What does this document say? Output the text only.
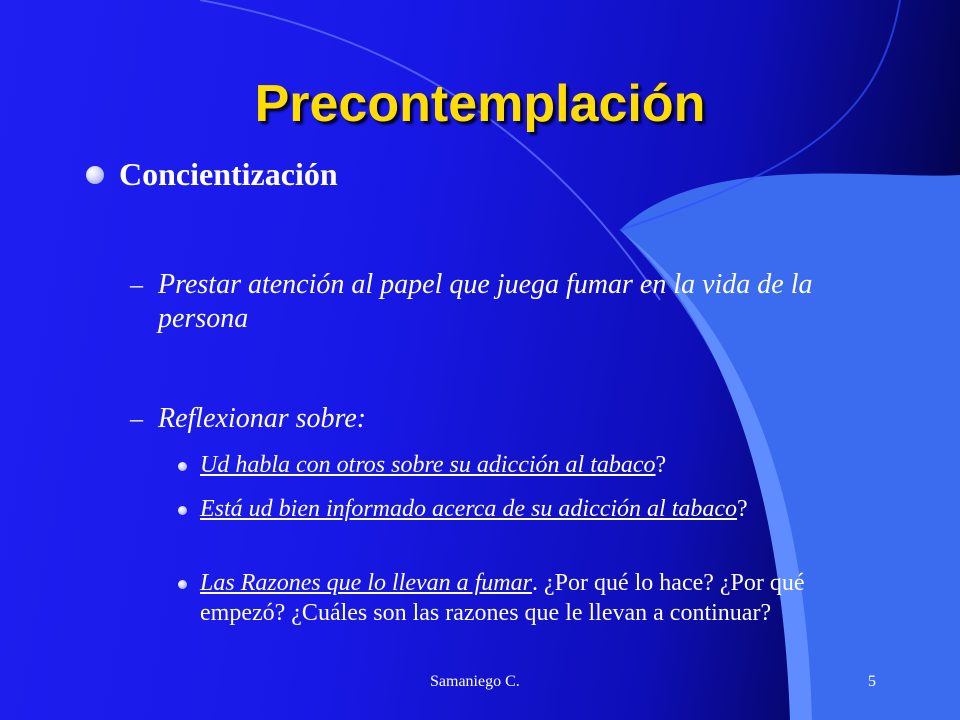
Precontemplación
Concientización
– Prestar atención al papel que juega fumar en la vida de la persona
– Reflexionar sobre:
Ud habla con otros sobre su adicción al tabaco?
Está ud bien informado acerca de su adicción al tabaco?
Las Razones que lo llevan a fumar. ¿Por qué lo hace? ¿Por qué empezó? ¿Cuáles son las razones que le llevan a continuar?
Samaniego C.	5
